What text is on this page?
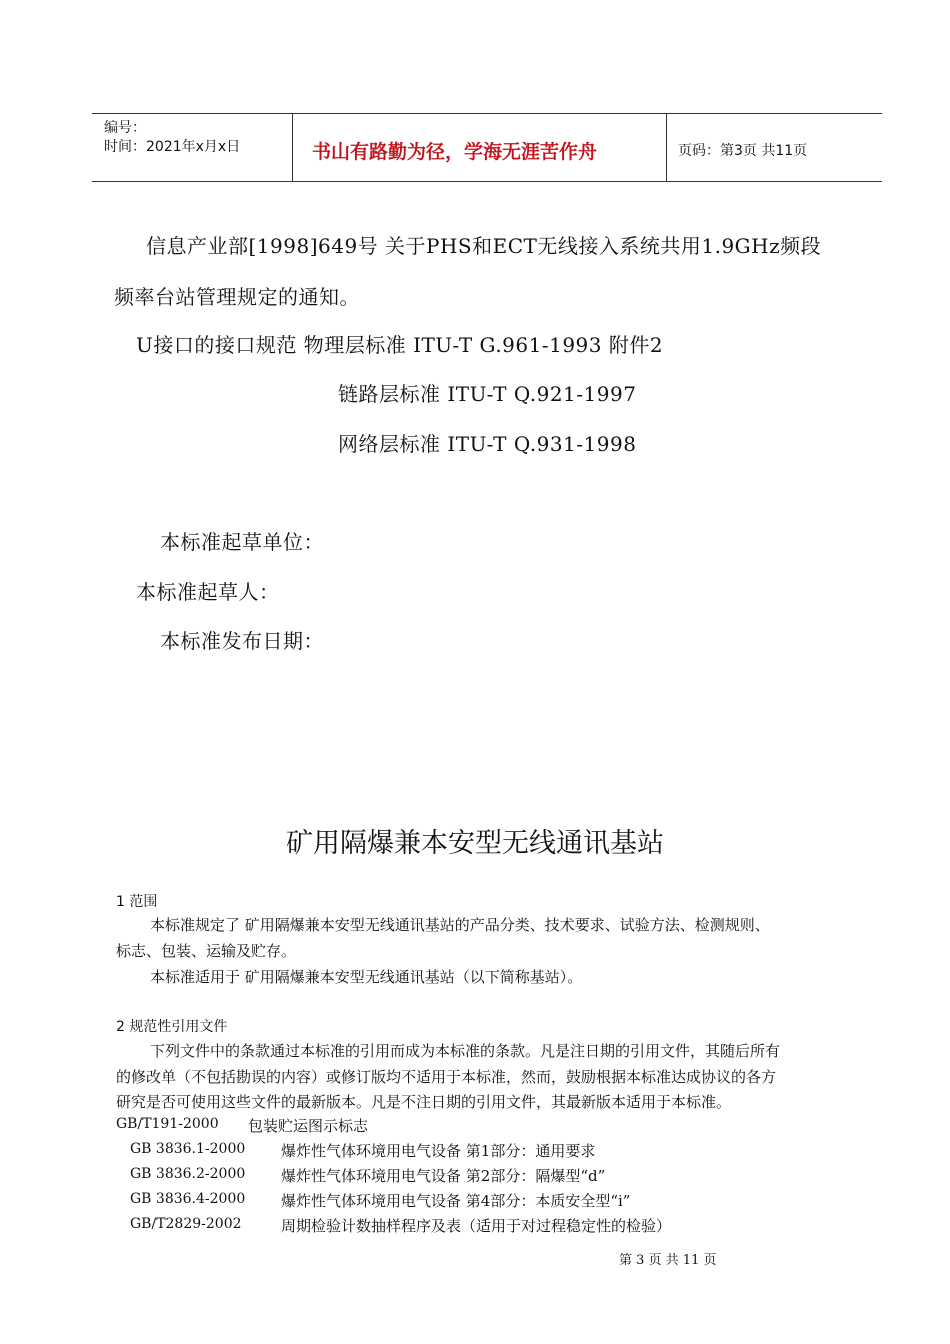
编号：
时间：2021年x月x日	书山有路勤为径，学海无涯苦作舟	页码：第3页 共11页
信息产业部[1998]649号 关于PHS和ECT无线接入系统共用1.9GHz频段
频率台站管理规定的通知。
U接口的接口规范 物理层标准 ITU-T G.961-1993 附件2
链路层标准 ITU-T Q.921-1997
网络层标准 ITU-T Q.931-1998
本标准起草单位：
本标准起草人：
本标准发布日期：
矿用隔爆兼本安型无线通讯基站
1 范围
本标准规定了 矿用隔爆兼本安型无线通讯基站的产品分类、技术要求、试验方法、检测规则、
标志、包装、运输及贮存。
本标准适用于 矿用隔爆兼本安型无线通讯基站（以下简称基站）。
2 规范性引用文件
下列文件中的条款通过本标准的引用而成为本标准的条款。凡是注日期的引用文件，其随后所有
的修改单（不包括勘误的内容）或修订版均不适用于本标准，然而，鼓励根据本标准达成协议的各方
研究是否可使用这些文件的最新版本。凡是不注日期的引用文件，其最新版本适用于本标准。
GB/T191-2000 包装贮运图示标志
GB 3836.1-2000 爆炸性气体环境用电气设备 第1部分：通用要求
GB 3836.2-2000 爆炸性气体环境用电气设备 第2部分：隔爆型“d”
GB 3836.4-2000 爆炸性气体环境用电气设备 第4部分：本质安全型“i”
GB/T2829-2002	周期检验计数抽样程序及表（适用于对过程稳定性的检验）
第 3 页 共 11 页
